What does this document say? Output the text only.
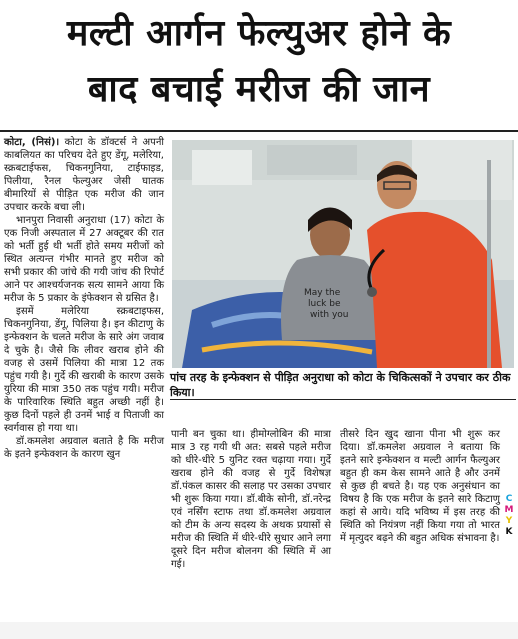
मल्टी आर्गन फेल्युअर होने के
बाद बचाई मरीज की जान

कोटा, (निसं)। कोटा के डॉक्टर्स ने अपनी काबलियत का परिचय देते हुए डेंगू, मलेरिया, स्क्रबटाईफस, चिकनगुनिया, टाईफाइड, पिलीया, रैनल फेल्युअर जेसी घातक बीमारियों से पीड़ित एक मरीज की जान उपचार करके बचा ली।

भानपुरा निवासी अनुराधा (17) कोटा के एक निजी अस्पताल में 27 अक्टूबर की रात को भर्ती हुई थी भर्ती होते समय मरीजों को स्थित अत्यन्त गंभीर मानते हुए मरीज को सभी प्रकार की जांचे की गयी जांच की रिपोर्ट आने पर आश्चर्यजनक सत्य सामने आया कि मरीज के 5 प्रकार के इंफेक्शन से ग्रसित है।

इसमें मलेरिया स्क्रबटाइफस, चिकनगुनिया, डेंगू, पिलिया है। इन कीटाणु के इन्फेक्शन के चलते मरीज के सारे अंग जवाब दे चुके है। जैसे कि लीवर खराब होने की वजह से उसमें पिलिया की मात्रा 12 तक पहुंच गयी है। गुर्दे की खराबी के कारण उसके युरिया की मात्रा 350 तक पहुंच गयी। मरीज के पारिवारिक स्थिति बहुत अच्छी नहीं है। कुछ दिनों पहले ही उनमें भाई व पिताजी का स्वर्गवास हो गया था।

डॉ.कमलेश अग्रवाल बताते है कि मरीज के इतने इन्फेक्शन के कारण खुन

May the
luck be
with you
पांच तरह के इन्फेक्शन से पीड़ित अनुराधा को कोटा के चिकित्सकों ने उपचार कर ठीक किया।

पानी बन चुका था। हीमोग्लोबिन की मात्रा मात्र 3 रह गयी थी अत: सबसे पहले मरीज को धीरे-धीरे 5 युनिट रक्त चढ़ाया गया। गुर्दे खराब होने की वजह से गुर्दे विशेषज्ञ डॉ.पंकल कासर की सलाह पर उसका उपचार भी शुरू किया गया। डॉ.बीके सोनी, डॉ.नरेन्द्र एवं नर्सिंग स्टाफ तथा डॉ.कमलेश अग्रवाल को टीम के अन्य सदस्य के अथक प्रयासों से मरीज की स्थिति में धीरे-धीरे सुधार आने लगा दूसरे दिन मरीज बोलनग की स्थिति में आ गई।

तीसरे दिन खुद खाना पीना भी शुरू कर दिया। डॉ.कमलेश अग्रवाल ने बताया कि इतने सारे इन्फेक्शन व मल्टी आर्गन फैल्युअर बहुत ही कम केस सामने आते है और उनमें से कुछ ही बचते है। यह एक अनुसंधान का विषय है कि एक मरीज के इतने सारे किटाणु कहां से आये। यदि भविष्य में इस तरह की स्थिति को नियंत्रण नहीं किया गया तो भारत में मृत्युदर बढ़ने की बहुत अधिक संभावना है।

C
M
Y
K
